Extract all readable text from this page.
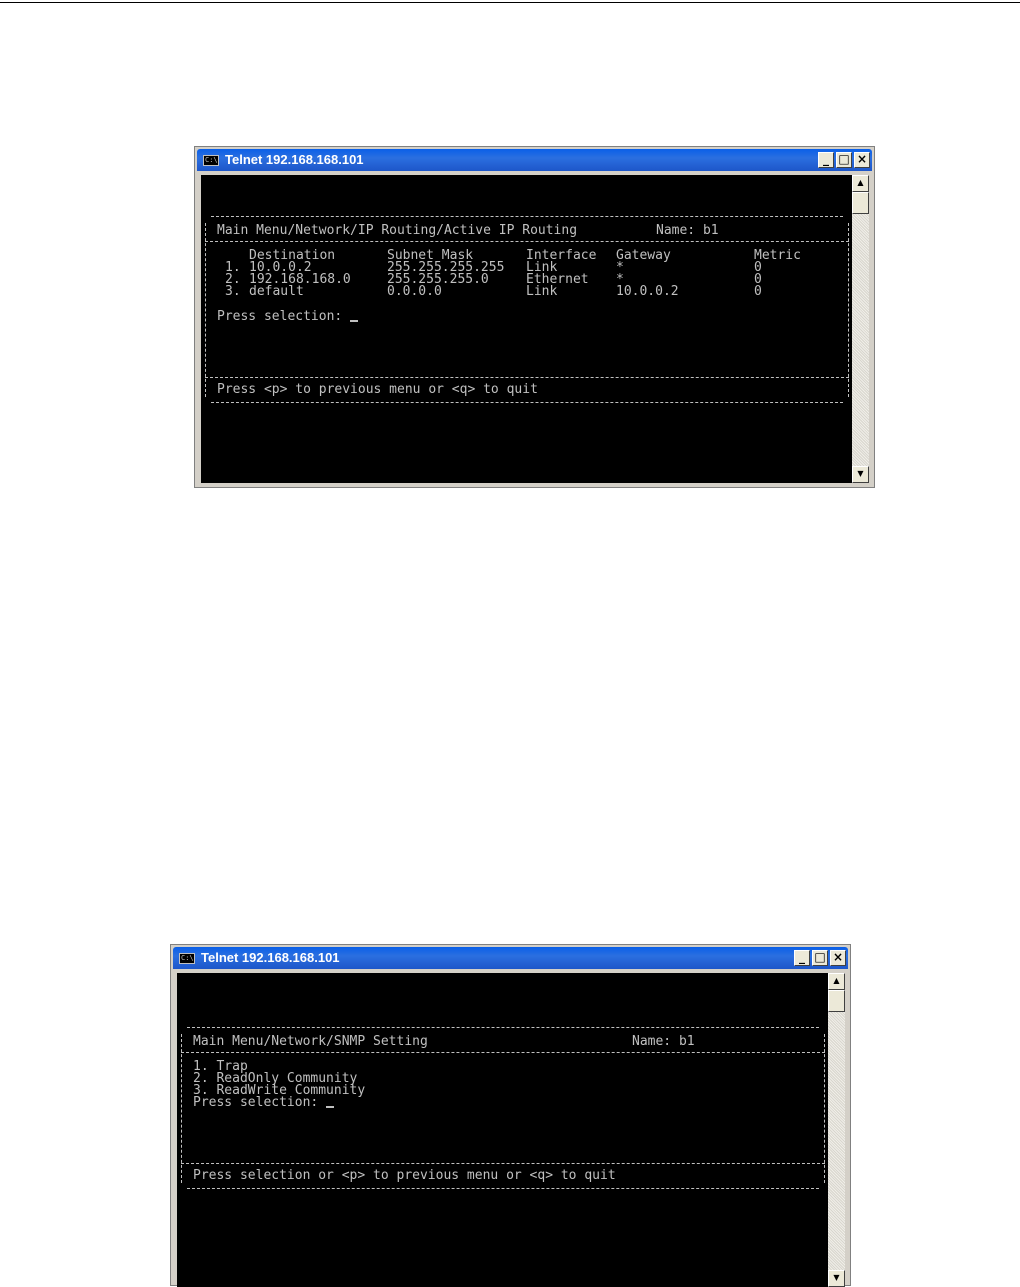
C:\ Telnet 192.168.168.101	_ □ ×
Main Menu/Network/IP Routing/Active IP Routing	Name: b1
Destination	Subnet Mask	Interface Gateway	Metric
1. 10.0.0.2	255.255.255.255 Link	*	0
2. 192.168.168.0	255.255.255.0	Ethernet *	0
3. default	0.0.0.0	Link	10.0.0.2	0
Press selection:
Press <p> to previous menu or <q> to quit
▲
▼
C:\ Telnet 192.168.168.101	_ □ ×
Main Menu/Network/SNMP Setting	Name: b1
1. Trap
2. ReadOnly Community
3. ReadWrite Community
Press selection:
Press selection or <p> to previous menu or <q> to quit
▲
▼
